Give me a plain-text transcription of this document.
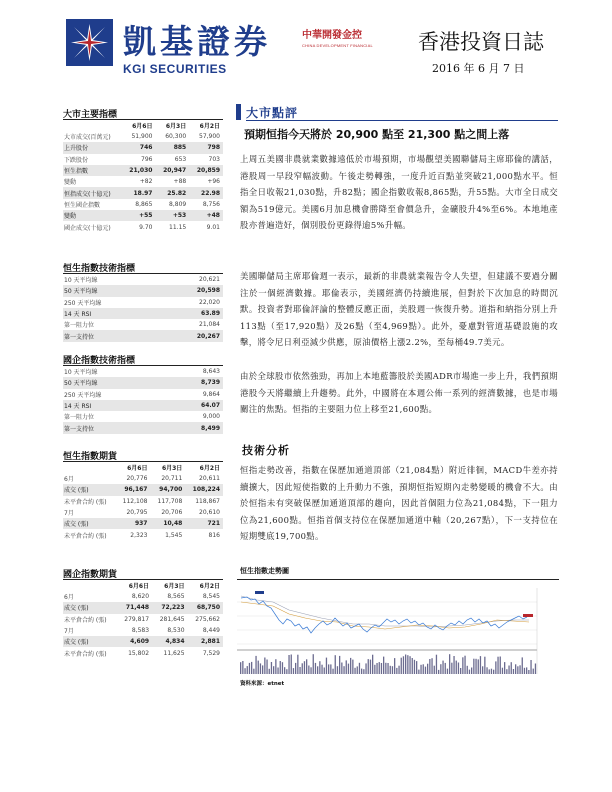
凱基證券
KGI SECURITIES
中華開發金控
CHINA DEVELOPMENT FINANCIAL	香港投資日誌
2016 年 6 月 7 日
大市主要指標
	6月6日	6月3日	6月2日
大市成交(百萬元)	51,900	60,300	57,900
上升股份	746	885	798
下跌股份	796	653	703
恒生指數	21,030	20,947	20,859
變動	+82	+88	+96
恒指成交(十億元)	18.97	25.82	22.98
恒生國企指數	8,865	8,809	8,756
變動	+55	+53	+48
國企成交(十億元)	9.70	11.15	9.01
恒生指數技術指標
10 天平均線	20,621
50 天平均線	20,598
250 天平均線	22,020
14 天 RSI	63.89
第一阻力位	21,084
第一支持位	20,267
國企指數技術指標
10 天平均線	8,643
50 天平均線	8,739
250 天平均線	9,864
14 天 RSI	64.07
第一阻力位	9,000
第一支持位	8,499
恒生指數期貨
	6月6日	6月3日	6月2日
6月	20,776	20,711	20,611
成交 (張)	96,167	94,700	108,224
未平倉合約 (張)	112,108	117,708	118,867
7月	20,795	20,706	20,610
成交 (張)	937	10,48	721
未平倉合約 (張)	2,323	1,545	816
國企指數期貨
	6月6日	6月3日	6月2日
6月	8,620	8,565	8,545
成交 (張)	71,448	72,223	68,750
未平倉合約 (張)	279,817	281,645	275,662
7月	8,583	8,530	8,449
成交 (張)	4,609	4,834	2,881
未平倉合約 (張)	15,802	11,625	7,529
大市點評
預期恒指今天將於 20,900 點至 21,300 點之間上落
上周五美國非農就業數據遠低於市場預期，市場觀望美國聯儲局主席耶倫的講話，港股周一早段窄幅波動。午後走勢轉強，一度升近百點並突破21,000點水平。恒指全日收報21,030點，升82點；國企指數收報8,865點，升55點。大市全日成交額為519億元。美國6月加息機會勝降至會價急升，金礦股升4%至6%。本地地產股亦普遍造好，個別股份更錄得逾5%升幅。
美國聯儲局主席耶倫週一表示，最新的非農就業報告令人失望，但建議不要過分關注於一個經濟數據。耶倫表示，美國經濟仍持續進展，但對於下次加息的時間沉默。投資者對耶倫評論的整體反應正面，美股週一恢復升勢。道指和納指分別上升113點（至17,920點）及26點（至4,969點）。此外，憂慮對管道基礎設施的攻擊，將令尼日利亞減少供應，原油價格上漲2.2%，至每桶49.7美元。
由於全球股市依然強勁，再加上本地藍籌股於美國ADR市場進一步上升，我們預期港股今天將繼續上升趨勢。此外，中國將在本週公佈一系列的經濟數據，也是市場關注的焦點。恒指的主要阻力位上移至21,600點。
技術分析
恒指走勢改善，指數在保歷加通道頂部（21,084點）附近徘徊，MACD牛差亦持續擴大，因此短使指數的上升動力不強，預期恒指短期內走勢變暖的機會不大。由於恒指未有突破保歷加通道頂部的趨向，因此首個阻力位為21,084點，下一阻力位為21,600點。恒指首個支持位在保歷加通道中軸（20,267點），下一支持位在短期雙底19,700點。
恒生指數走勢圖
資料來源：etnet
